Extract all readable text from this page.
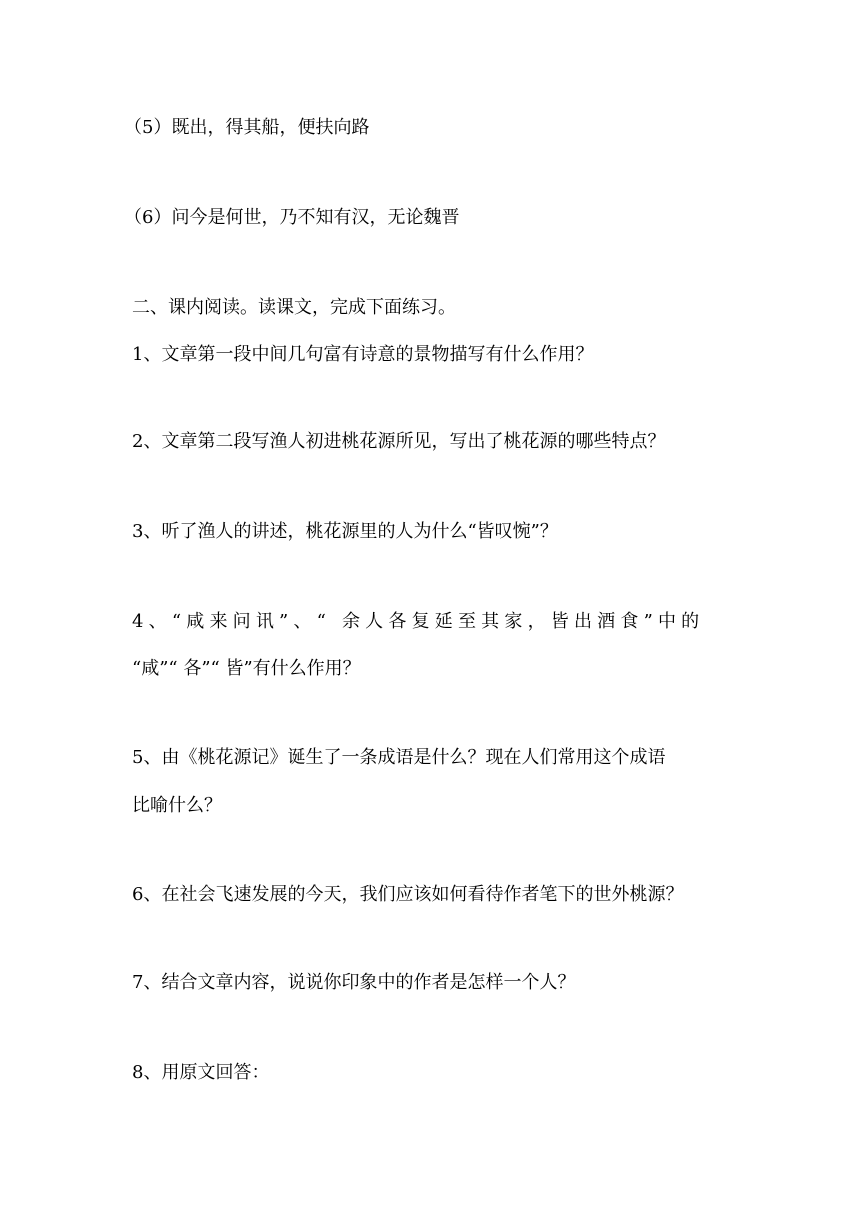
（5）既出，得其船，便扶向路
（6）问今是何世，乃不知有汉，无论魏晋
二、课内阅读。读课文，完成下面练习。
1、文章第一段中间几句富有诗意的景物描写有什么作用？
2、文章第二段写渔人初进桃花源所见，写出了桃花源的哪些特点？
3、听了渔人的讲述，桃花源里的人为什么“皆叹惋”？
4、“咸来问讯”、“ 余人各复延至其家，皆出酒食”中的
“咸”“ 各”“ 皆”有什么作用？
5、由《桃花源记》诞生了一条成语是什么？现在人们常用这个成语
比喻什么？
6、在社会飞速发展的今天，我们应该如何看待作者笔下的世外桃源？
7、结合文章内容，说说你印象中的作者是怎样一个人？
8、用原文回答：
